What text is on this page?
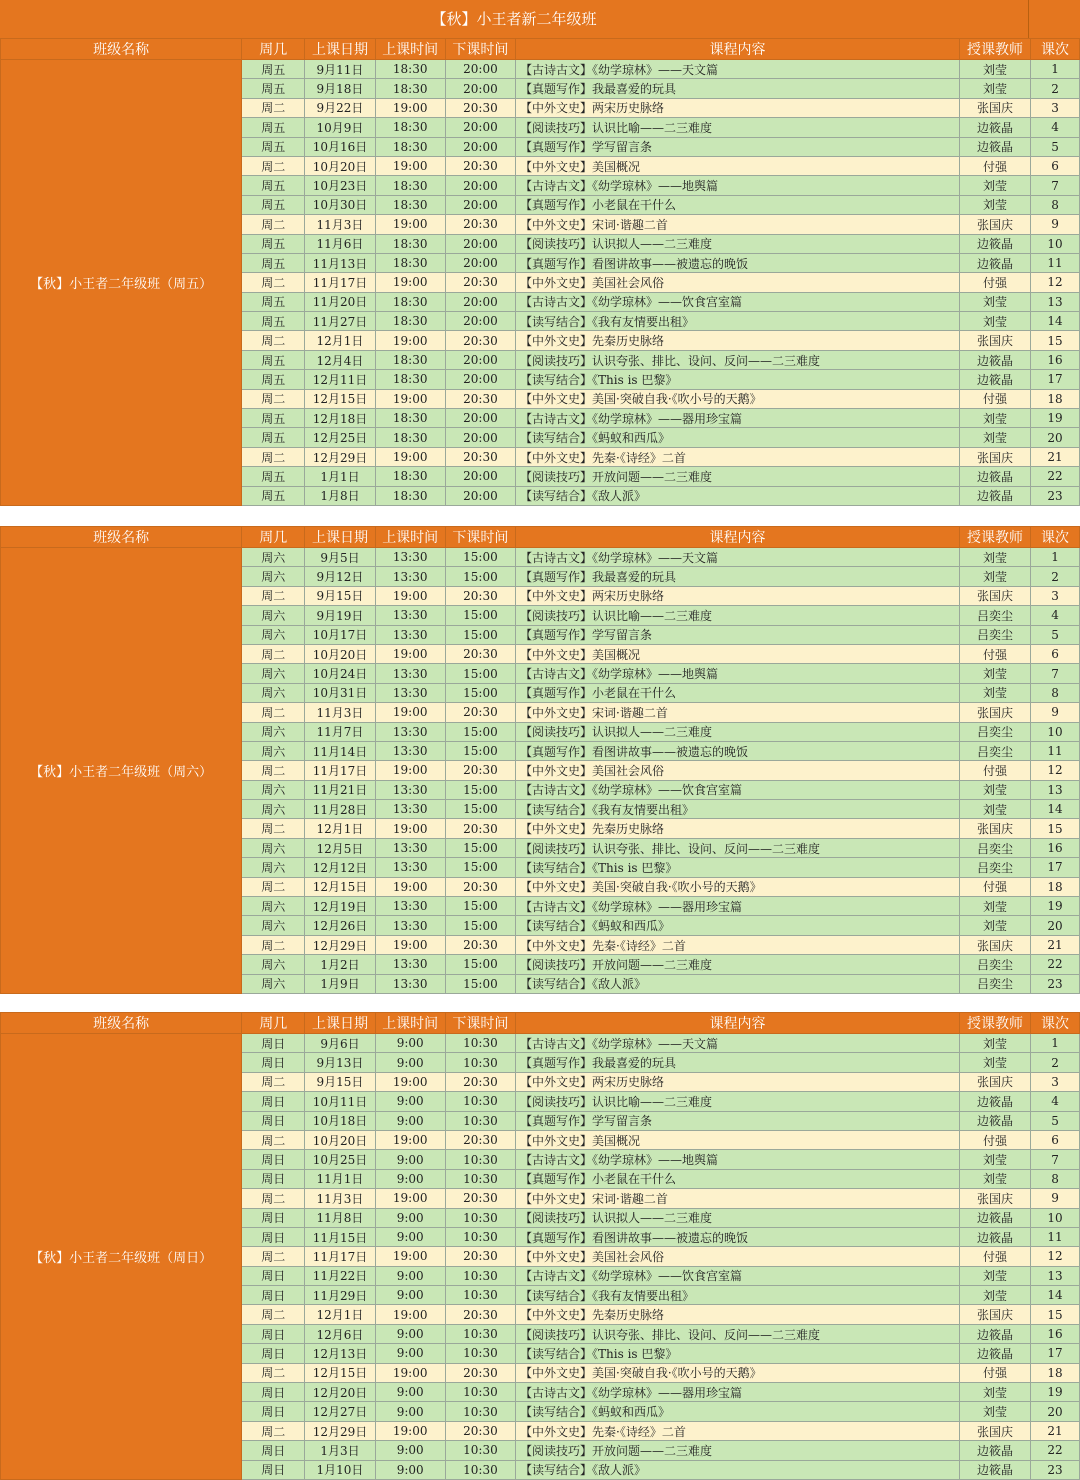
【秋】小王者新二年级班
班级名称	周几	上课日期	上课时间	下课时间	课程内容	授课教师	课次
【秋】小王者二年级班（周五）	周五	9月11日	18:30	20:00	【古诗古文】《幼学琼林》——天文篇	刘莹	1
	周五	9月18日	18:30	20:00	【真题写作】我最喜爱的玩具	刘莹	2
	周二	9月22日	19:00	20:30	【中外文史】两宋历史脉络	张国庆	3
	周五	10月9日	18:30	20:00	【阅读技巧】认识比喻——二三难度	边筱晶	4
	周五	10月16日	18:30	20:00	【真题写作】学写留言条	边筱晶	5
	周二	10月20日	19:00	20:30	【中外文史】美国概况	付强	6
	周五	10月23日	18:30	20:00	【古诗古文】《幼学琼林》——地舆篇	刘莹	7
	周五	10月30日	18:30	20:00	【真题写作】小老鼠在干什么	刘莹	8
	周二	11月3日	19:00	20:30	【中外文史】宋词·谐趣二首	张国庆	9
	周五	11月6日	18:30	20:00	【阅读技巧】认识拟人——二三难度	边筱晶	10
	周五	11月13日	18:30	20:00	【真题写作】看图讲故事——被遗忘的晚饭	边筱晶	11
	周二	11月17日	19:00	20:30	【中外文史】美国社会风俗	付强	12
	周五	11月20日	18:30	20:00	【古诗古文】《幼学琼林》——饮食宫室篇	刘莹	13
	周五	11月27日	18:30	20:00	【读写结合】《我有友情要出租》	刘莹	14
	周二	12月1日	19:00	20:30	【中外文史】先秦历史脉络	张国庆	15
	周五	12月4日	18:30	20:00	【阅读技巧】认识夸张、排比、设问、反问——二三难度	边筱晶	16
	周五	12月11日	18:30	20:00	【读写结合】《This is 巴黎》	边筱晶	17
	周二	12月15日	19:00	20:30	【中外文史】美国·突破自我·《吹小号的天鹅》	付强	18
	周五	12月18日	18:30	20:00	【古诗古文】《幼学琼林》——器用珍宝篇	刘莹	19
	周五	12月25日	18:30	20:00	【读写结合】《蚂蚁和西瓜》	刘莹	20
	周二	12月29日	19:00	20:30	【中外文史】先秦·《诗经》二首	张国庆	21
	周五	1月1日	18:30	20:00	【阅读技巧】开放问题——二三难度	边筱晶	22
	周五	1月8日	18:30	20:00	【读写结合】《敌人派》	边筱晶	23
班级名称	周几	上课日期	上课时间	下课时间	课程内容	授课教师	课次
【秋】小王者二年级班（周六）	周六	9月5日	13:30	15:00	【古诗古文】《幼学琼林》——天文篇	刘莹	1
	周六	9月12日	13:30	15:00	【真题写作】我最喜爱的玩具	刘莹	2
	周二	9月15日	19:00	20:30	【中外文史】两宋历史脉络	张国庆	3
	周六	9月19日	13:30	15:00	【阅读技巧】认识比喻——二三难度	吕奕尘	4
	周六	10月17日	13:30	15:00	【真题写作】学写留言条	吕奕尘	5
	周二	10月20日	19:00	20:30	【中外文史】美国概况	付强	6
	周六	10月24日	13:30	15:00	【古诗古文】《幼学琼林》——地舆篇	刘莹	7
	周六	10月31日	13:30	15:00	【真题写作】小老鼠在干什么	刘莹	8
	周二	11月3日	19:00	20:30	【中外文史】宋词·谐趣二首	张国庆	9
	周六	11月7日	13:30	15:00	【阅读技巧】认识拟人——二三难度	吕奕尘	10
	周六	11月14日	13:30	15:00	【真题写作】看图讲故事——被遗忘的晚饭	吕奕尘	11
	周二	11月17日	19:00	20:30	【中外文史】美国社会风俗	付强	12
	周六	11月21日	13:30	15:00	【古诗古文】《幼学琼林》——饮食宫室篇	刘莹	13
	周六	11月28日	13:30	15:00	【读写结合】《我有友情要出租》	刘莹	14
	周二	12月1日	19:00	20:30	【中外文史】先秦历史脉络	张国庆	15
	周六	12月5日	13:30	15:00	【阅读技巧】认识夸张、排比、设问、反问——二三难度	吕奕尘	16
	周六	12月12日	13:30	15:00	【读写结合】《This is 巴黎》	吕奕尘	17
	周二	12月15日	19:00	20:30	【中外文史】美国·突破自我·《吹小号的天鹅》	付强	18
	周六	12月19日	13:30	15:00	【古诗古文】《幼学琼林》——器用珍宝篇	刘莹	19
	周六	12月26日	13:30	15:00	【读写结合】《蚂蚁和西瓜》	刘莹	20
	周二	12月29日	19:00	20:30	【中外文史】先秦·《诗经》二首	张国庆	21
	周六	1月2日	13:30	15:00	【阅读技巧】开放问题——二三难度	吕奕尘	22
	周六	1月9日	13:30	15:00	【读写结合】《敌人派》	吕奕尘	23
班级名称	周几	上课日期	上课时间	下课时间	课程内容	授课教师	课次
【秋】小王者二年级班（周日）	周日	9月6日	9:00	10:30	【古诗古文】《幼学琼林》——天文篇	刘莹	1
	周日	9月13日	9:00	10:30	【真题写作】我最喜爱的玩具	刘莹	2
	周二	9月15日	19:00	20:30	【中外文史】两宋历史脉络	张国庆	3
	周日	10月11日	9:00	10:30	【阅读技巧】认识比喻——二三难度	边筱晶	4
	周日	10月18日	9:00	10:30	【真题写作】学写留言条	边筱晶	5
	周二	10月20日	19:00	20:30	【中外文史】美国概况	付强	6
	周日	10月25日	9:00	10:30	【古诗古文】《幼学琼林》——地舆篇	刘莹	7
	周日	11月1日	9:00	10:30	【真题写作】小老鼠在干什么	刘莹	8
	周二	11月3日	19:00	20:30	【中外文史】宋词·谐趣二首	张国庆	9
	周日	11月8日	9:00	10:30	【阅读技巧】认识拟人——二三难度	边筱晶	10
	周日	11月15日	9:00	10:30	【真题写作】看图讲故事——被遗忘的晚饭	边筱晶	11
	周二	11月17日	19:00	20:30	【中外文史】美国社会风俗	付强	12
	周日	11月22日	9:00	10:30	【古诗古文】《幼学琼林》——饮食宫室篇	刘莹	13
	周日	11月29日	9:00	10:30	【读写结合】《我有友情要出租》	刘莹	14
	周二	12月1日	19:00	20:30	【中外文史】先秦历史脉络	张国庆	15
	周日	12月6日	9:00	10:30	【阅读技巧】认识夸张、排比、设问、反问——二三难度	边筱晶	16
	周日	12月13日	9:00	10:30	【读写结合】《This is 巴黎》	边筱晶	17
	周二	12月15日	19:00	20:30	【中外文史】美国·突破自我·《吹小号的天鹅》	付强	18
	周日	12月20日	9:00	10:30	【古诗古文】《幼学琼林》——器用珍宝篇	刘莹	19
	周日	12月27日	9:00	10:30	【读写结合】《蚂蚁和西瓜》	刘莹	20
	周二	12月29日	19:00	20:30	【中外文史】先秦·《诗经》二首	张国庆	21
	周日	1月3日	9:00	10:30	【阅读技巧】开放问题——二三难度	边筱晶	22
	周日	1月10日	9:00	10:30	【读写结合】《敌人派》	边筱晶	23
